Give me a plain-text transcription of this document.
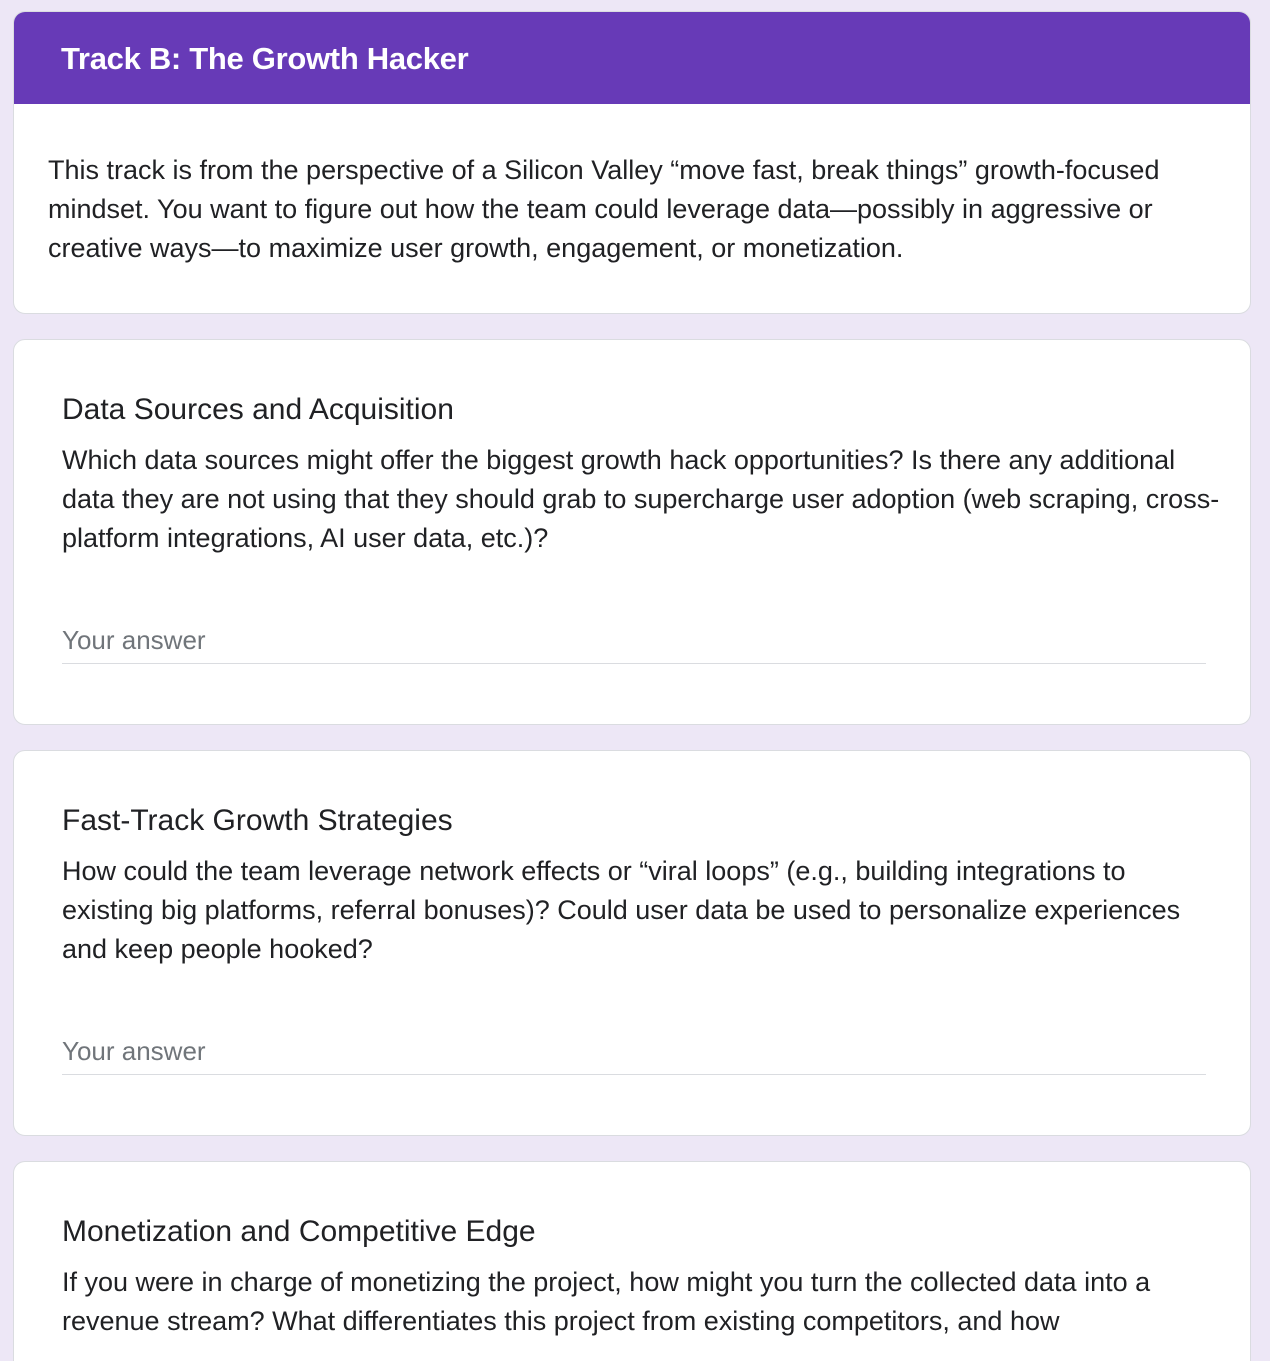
Track B: The Growth Hacker

This track is from the perspective of a Silicon Valley “move fast, break things” growth-focused mindset. You want to figure out how the team could leverage data—possibly in aggressive or creative ways—to maximize user growth, engagement, or monetization.

Data Sources and Acquisition

Which data sources might offer the biggest growth hack opportunities? Is there any additional data they are not using that they should grab to supercharge user adoption (web scraping, cross-platform integrations, AI user data, etc.)?

Your answer
Fast-Track Growth Strategies

How could the team leverage network effects or “viral loops” (e.g., building integrations to existing big platforms, referral bonuses)? Could user data be used to personalize experiences and keep people hooked?

Your answer
Monetization and Competitive Edge

If you were in charge of monetizing the project, how might you turn the collected data into a revenue stream? What differentiates this project from existing competitors, and how
